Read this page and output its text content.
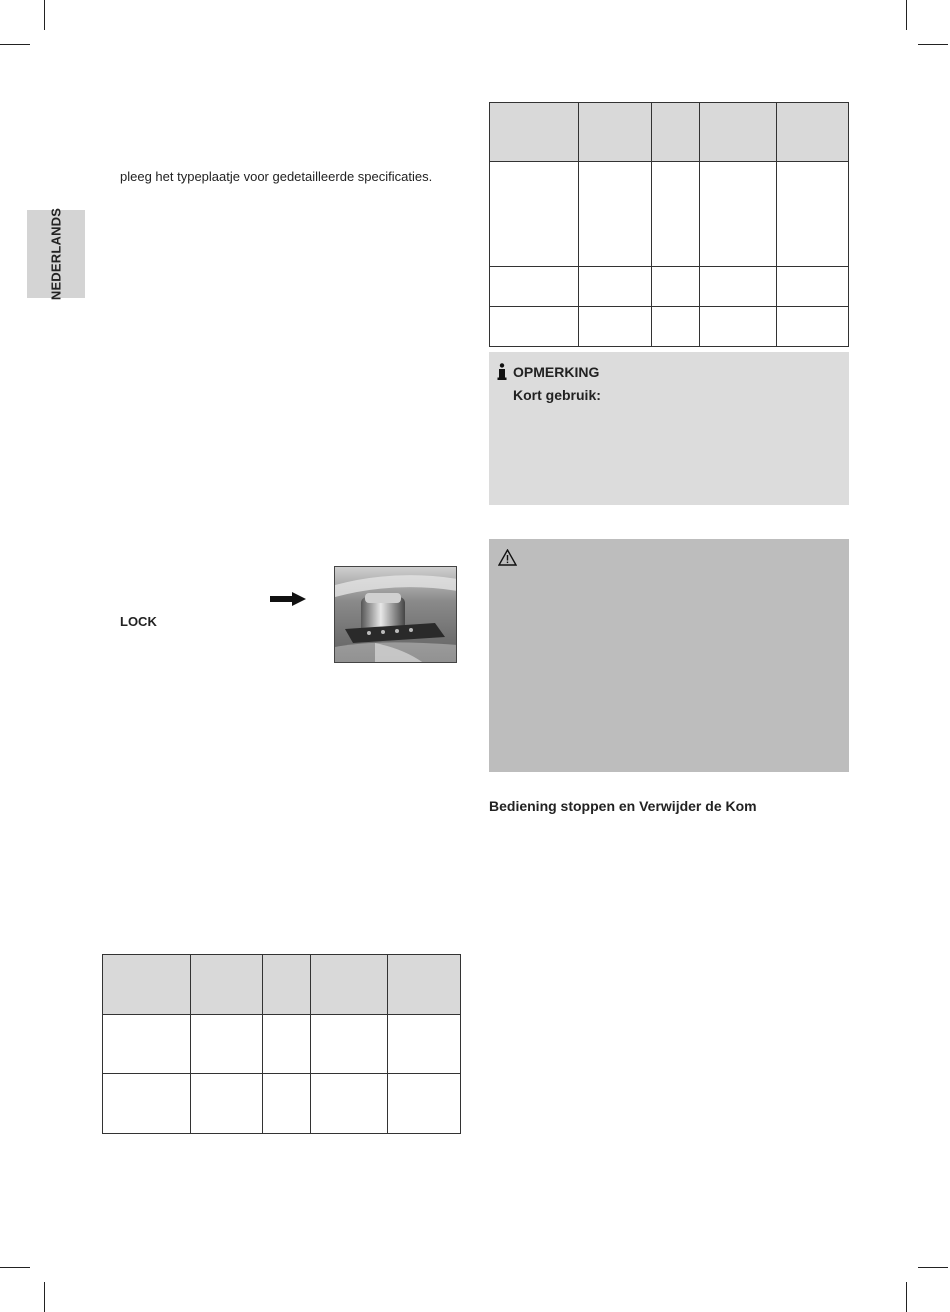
NEDERLANDS
pleeg het typeplaatje voor gedetailleerde specificaties.
LOCK

OPMERKING
Kort gebruik:
Bediening stoppen en Verwijder de Kom
